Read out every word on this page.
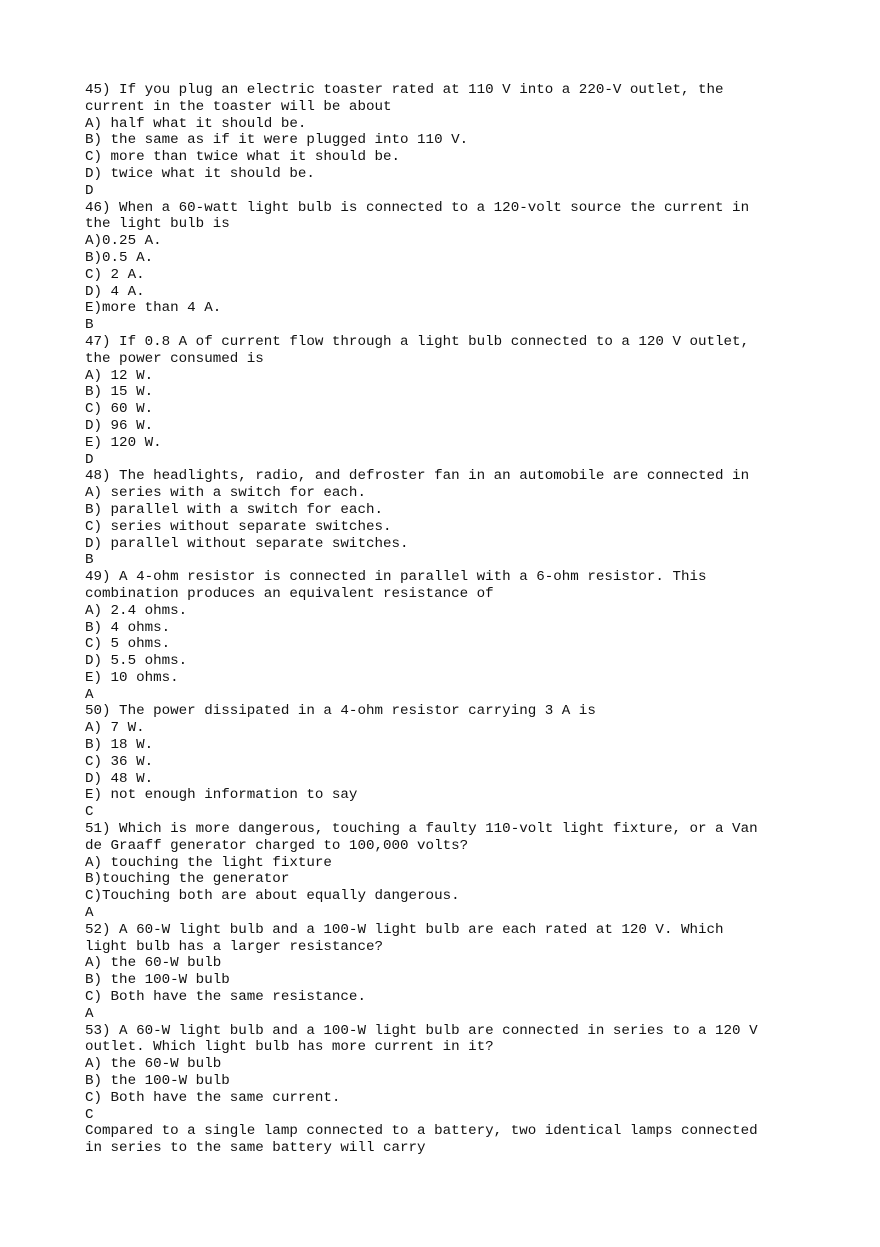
45) If you plug an electric toaster rated at 110 V into a 220-V outlet, the
current in the toaster will be about
A) half what it should be.
B) the same as if it were plugged into 110 V.
C) more than twice what it should be.
D) twice what it should be.
D
46) When a 60-watt light bulb is connected to a 120-volt source the current in
the light bulb is
A)0.25 A.
B)0.5 A.
C) 2 A.
D) 4 A.
E)more than 4 A.
B
47) If 0.8 A of current flow through a light bulb connected to a 120 V outlet,
the power consumed is
A) 12 W.
B) 15 W.
C) 60 W.
D) 96 W.
E) 120 W.
D
48) The headlights, radio, and defroster fan in an automobile are connected in
A) series with a switch for each.
B) parallel with a switch for each.
C) series without separate switches.
D) parallel without separate switches.
B
49) A 4-ohm resistor is connected in parallel with a 6-ohm resistor. This
combination produces an equivalent resistance of
A) 2.4 ohms.
B) 4 ohms.
C) 5 ohms.
D) 5.5 ohms.
E) 10 ohms.
A
50) The power dissipated in a 4-ohm resistor carrying 3 A is
A) 7 W.
B) 18 W.
C) 36 W.
D) 48 W.
E) not enough information to say
C
51) Which is more dangerous, touching a faulty 110-volt light fixture, or a Van
de Graaff generator charged to 100,000 volts?
A) touching the light fixture
B)touching the generator
C)Touching both are about equally dangerous.
A
52) A 60-W light bulb and a 100-W light bulb are each rated at 120 V. Which
light bulb has a larger resistance?
A) the 60-W bulb
B) the 100-W bulb
C) Both have the same resistance.
A
53) A 60-W light bulb and a 100-W light bulb are connected in series to a 120 V
outlet. Which light bulb has more current in it?
A) the 60-W bulb
B) the 100-W bulb
C) Both have the same current.
C
Compared to a single lamp connected to a battery, two identical lamps connected
in series to the same battery will carry
